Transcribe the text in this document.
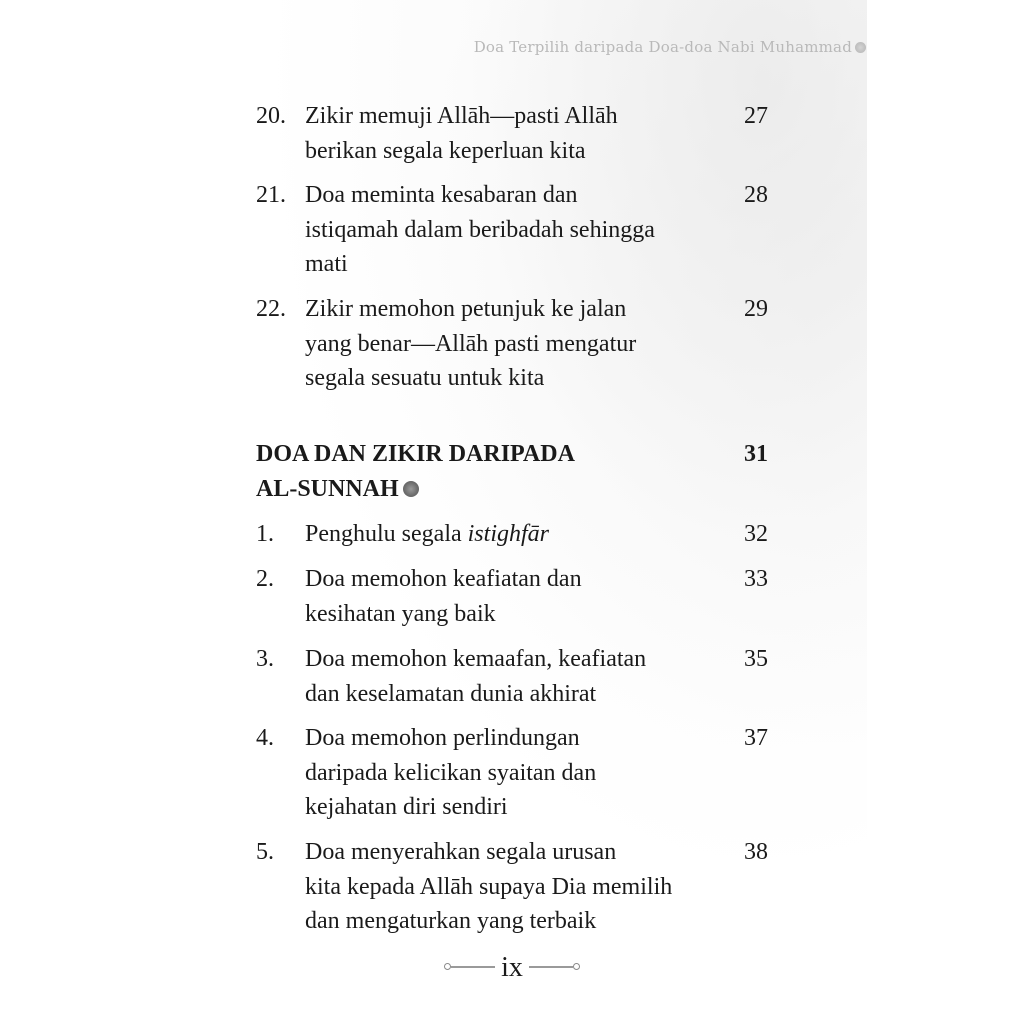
Doa Terpilih daripada Doa-doa Nabi Muhammad
20. Zikir memuji Allāh—pasti Allāh
berikan segala keperluan kita
27
21. Doa meminta kesabaran dan
istiqamah dalam beribadah sehingga
mati
28
22. Zikir memohon petunjuk ke jalan
yang benar—Allāh pasti mengatur
segala sesuatu untuk kita
29
DOA DAN ZIKIR DARIPADA
AL-SUNNAH
31
1. Penghulu segala istighfār	32
2. Doa memohon keafiatan dan
kesihatan yang baik
33
3. Doa memohon kemaafan, keafiatan
dan keselamatan dunia akhirat
35
4. Doa memohon perlindungan
daripada kelicikan syaitan dan
kejahatan diri sendiri
37
5. Doa menyerahkan segala urusan
kita kepada Allāh supaya Dia memilih
dan mengaturkan yang terbaik
38
ix
